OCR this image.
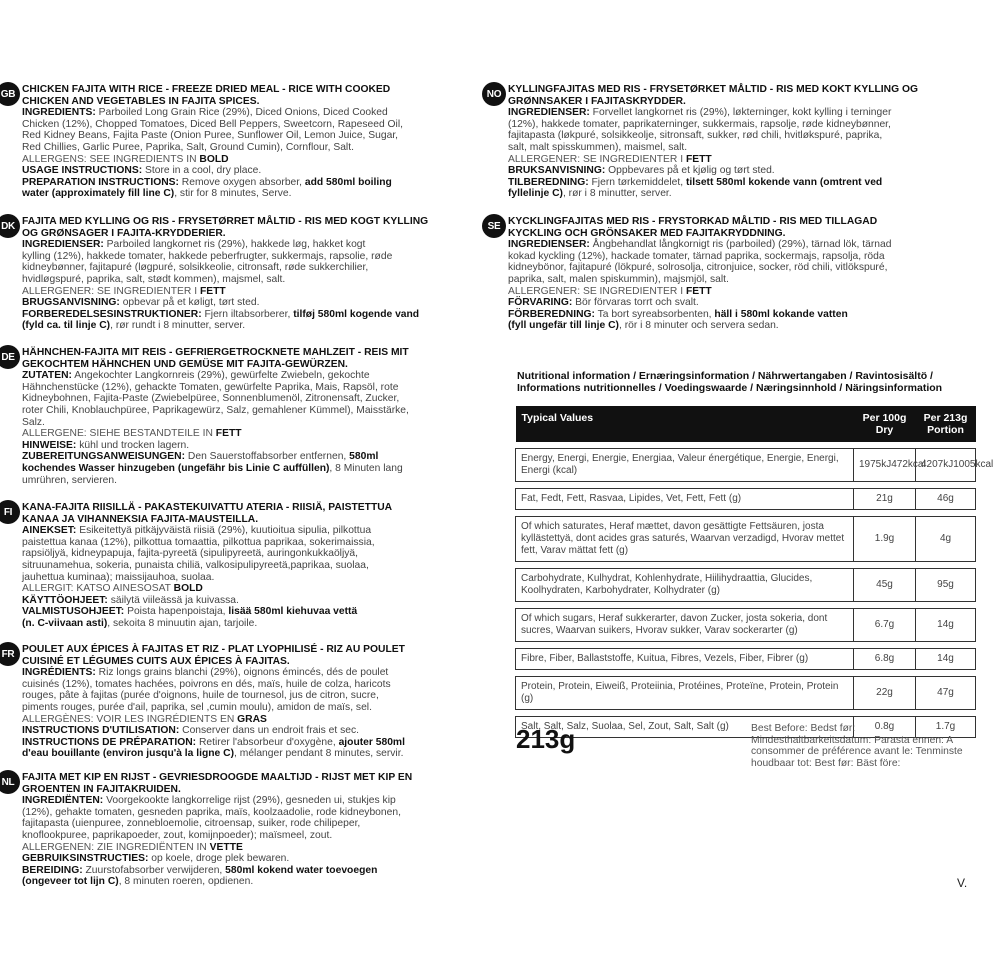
GB CHICKEN FAJITA WITH RICE - FREEZE DRIED MEAL - RICE WITH COOKED
CHICKEN AND VEGETABLES IN FAJITA SPICES.
INGREDIENTS: Parboiled Long Grain Rice (29%), Diced Onions, Diced Cooked
Chicken (12%), Chopped Tomatoes, Diced Bell Peppers, Sweetcorn, Rapeseed Oil,
Red Kidney Beans, Fajita Paste (Onion Puree, Sunflower Oil, Lemon Juice, Sugar,
Red Chillies, Garlic Puree, Paprika, Salt, Ground Cumin), Cornflour, Salt.
ALLERGENS: SEE INGREDIENTS IN BOLD
USAGE INSTRUCTIONS: Store in a cool, dry place.
PREPARATION INSTRUCTIONS: Remove oxygen absorber, add 580ml boiling
water (approximately fill line C), stir for 8 minutes, Serve.
DK FAJITA MED KYLLING OG RIS - FRYSETØRRET MÅLTID - RIS MED KOGT KYLLING
OG GRØNSAGER I FAJITA-KRYDDERIER.
INGREDIENSER: Parboiled langkornet ris (29%), hakkede løg, hakket kogt
kylling (12%), hakkede tomater, hakkede peberfrugter, sukkermajs, rapsolie, røde
kidneybønner, fajitapuré (løgpuré, solsikkeolie, citronsaft, røde sukkerchilier,
hvidløgspuré, paprika, salt, stødt kommen), majsmel, salt.
ALLERGENER: SE INGREDIENTER I FETT
BRUGSANVISNING: opbevar på et køligt, tørt sted.
FORBEREDELSESINSTRUKTIONER: Fjern iltabsorberer, tilføj 580ml kogende vand
(fyld ca. til linje C), rør rundt i 8 minutter, server.
DE HÄHNCHEN-FAJITA MIT REIS - GEFRIERGETROCKNETE MAHLZEIT - REIS MIT
GEKOCHTEM HÄHNCHEN UND GEMÜSE MIT FAJITA-GEWÜRZEN.
ZUTATEN: Angekochter Langkornreis (29%), gewürfelte Zwiebeln, gekochte
Hähnchenstücke (12%), gehackte Tomaten, gewürfelte Paprika, Mais, Rapsöl, rote
Kidneybohnen, Fajita-Paste (Zwiebelpüree, Sonnenblumenöl, Zitronensaft, Zucker,
roter Chili, Knoblauchpüree, Paprikagewürz, Salz, gemahlener Kümmel), Maisstärke,
Salz.
ALLERGENE: SIEHE BESTANDTEILE IN FETT
HINWEISE: kühl und trocken lagern.
ZUBEREITUNGSANWEISUNGEN: Den Sauerstoffabsorber entfernen, 580ml
kochendes Wasser hinzugeben (ungefähr bis Linie C auffüllen), 8 Minuten lang
umrühren, servieren.
FI KANA-FAJITA RIISILLÄ - PAKASTEKUIVATTU ATERIA - RIISIÄ, PAISTETTUA
KANAA JA VIHANNEKSIA FAJITA-MAUSTEILLA.
AINEKSET: Esikeitettyä pitkäjyväistä riisiä (29%), kuutioitua sipulia, pilkottua
paistettua kanaa (12%), pilkottua tomaattia, pilkottua paprikaa, sokerimaissia,
rapsiöljyä, kidneypapuja, fajita-pyreetä (sipulipyreetä, auringonkukkaöljyä,
sitruunamehua, sokeria, punaista chiliä, valkosipulipyreetä,paprikaa, suolaa,
jauhettua kuminaa); maissijauhoa, suolaa.
ALLERGIT: KATSO AINESOSAT BOLD
KÄYTTÖOHJEET: säilytä viileässä ja kuivassa.
VALMISTUSOHJEET: Poista hapenpoistaja, lisää 580ml kiehuvaa vettä
(n. C-viivaan asti), sekoita 8 minuutin ajan, tarjoile.
FR POULET AUX ÉPICES À FAJITAS ET RIZ - PLAT LYOPHILISÉ - RIZ AU POULET
CUISINÉ ET LÉGUMES CUITS AUX ÉPICES À FAJITAS.
INGRÉDIENTS: Riz longs grains blanchi (29%), oignons émincés, dés de poulet
cuisinés (12%), tomates hachées, poivrons en dés, maïs, huile de colza, haricots
rouges, pâte à fajitas (purée d'oignons, huile de tournesol, jus de citron, sucre,
piments rouges, purée d'ail, paprika, sel ,cumin moulu), amidon de maïs, sel.
ALLERGÈNES: VOIR LES INGRÉDIENTS EN GRAS
INSTRUCTIONS D'UTILISATION: Conserver dans un endroit frais et sec.
INSTRUCTIONS DE PRÉPARATION: Retirer l'absorbeur d'oxygène, ajouter 580ml
d'eau bouillante (environ jusqu'à la ligne C), mélanger pendant 8 minutes, servir.
NL FAJITA MET KIP EN RIJST - GEVRIESDROOGDE MAALTIJD - RIJST MET KIP EN
GROENTEN IN FAJITAKRUIDEN.
INGREDIËNTEN: Voorgekookte langkorrelige rijst (29%), gesneden ui, stukjes kip
(12%), gehakte tomaten, gesneden paprika, maïs, koolzaadolie, rode kidneybonen,
fajitapasta (uienpuree, zonnebloemolie, citroensap, suiker, rode chilipeper,
knoflookpuree, paprikapoeder, zout, komijnpoeder); maïsmeel, zout.
ALLERGENEN: ZIE INGREDIËNTEN IN VETTE
GEBRUIKSINSTRUCTIES: op koele, droge plek bewaren.
BEREIDING: Zuurstofabsorber verwijderen, 580ml kokend water toevoegen
(ongeveer tot lijn C), 8 minuten roeren, opdienen.
NO KYLLINGFAJITAS MED RIS - FRYSETØRKET MÅLTID - RIS MED KOKT KYLLING OG
GRØNNSAKER I FAJITASKRYDDER.
INGREDIENSER: Forvellet langkornet ris (29%), løkterninger, kokt kylling i terninger
(12%), hakkede tomater, paprikaterninger, sukkermais, rapsolje, røde kidneybønner,
fajitapasta (løkpuré, solsikkeolje, sitronsaft, sukker, rød chili, hvitløkspuré, paprika,
salt, malt spisskummen), maismel, salt.
ALLERGENER: SE INGREDIENTER I FETT
BRUKSANVISNING: Oppbevares på et kjølig og tørt sted.
TILBEREDNING: Fjern tørkemiddelet, tilsett 580ml kokende vann (omtrent ved
fyllelinje C), rør i 8 minutter, server.
SE KYCKLINGFAJITAS MED RIS - FRYSTORKAD MÅLTID - RIS MED TILLAGAD
KYCKLING OCH GRÖNSAKER MED FAJITAKRYDDNING.
INGREDIENSER: Ångbehandlat långkornigt ris (parboiled) (29%), tärnad lök, tärnad
kokad kyckling (12%), hackade tomater, tärnad paprika, sockermajs, rapsolja, röda
kidneybönor, fajitapuré (lökpuré, solrosolja, citronjuice, socker, röd chili, vitlökspuré,
paprika, salt, malen spiskummin), majsmjöl, salt.
ALLERGENER: SE INGREDIENTER I FETT
FÖRVARING: Bör förvaras torrt och svalt.
FÖRBEREDNING: Ta bort syreabsorbenten, häll i 580ml kokande vatten
(fyll ungefär till linje C), rör i 8 minuter och servera sedan.
Nutritional information / Ernæringsinformation / Nährwertangaben / Ravintosisältö / Informations nutritionnelles / Voedingswaarde / Næringsinnhold / Näringsinformation
Typical Values	Per 100g Dry	Per 213g Portion

Energy, Energi, Energie, Energiaa, Valeur énergétique, Energie, Energi, Energi (kcal)	1975kJ472kcal	4207kJ1005kcal

Fat, Fedt, Fett, Rasvaa, Lipides, Vet, Fett, Fett (g)	21g	46g

Of which saturates, Heraf mættet, davon gesättigte Fettsäuren, josta kyllästettyä, dont acides gras saturés, Waarvan verzadigd, Hvorav mettet fett, Varav mättat fett (g)	1.9g	4g

Carbohydrate, Kulhydrat, Kohlenhydrate, Hiilihydraattia, Glucides, Koolhydraten, Karbohydrater, Kolhydrater (g)	45g	95g

Of which sugars, Heraf sukkerarter, davon Zucker, josta sokeria, dont sucres, Waarvan suikers, Hvorav sukker, Varav sockerarter (g)	6.7g	14g

Fibre, Fiber, Ballaststoffe, Kuitua, Fibres, Vezels, Fiber, Fibrer (g)	6.8g	14g

Protein, Protein, Eiweiß, Proteiinia, Protéines, Proteïne, Protein, Protein (g)	22g	47g

Salt, Salt, Salz, Suolaa, Sel, Zout, Salt, Salt (g)	0.8g	1.7g
213g	Best Before: Bedst før: Mindesthaltbarkeitsdatum: Parasta ennen: A consommer de préférence avant le: Tenminste houdbaar tot: Best før: Bäst före:
V.
